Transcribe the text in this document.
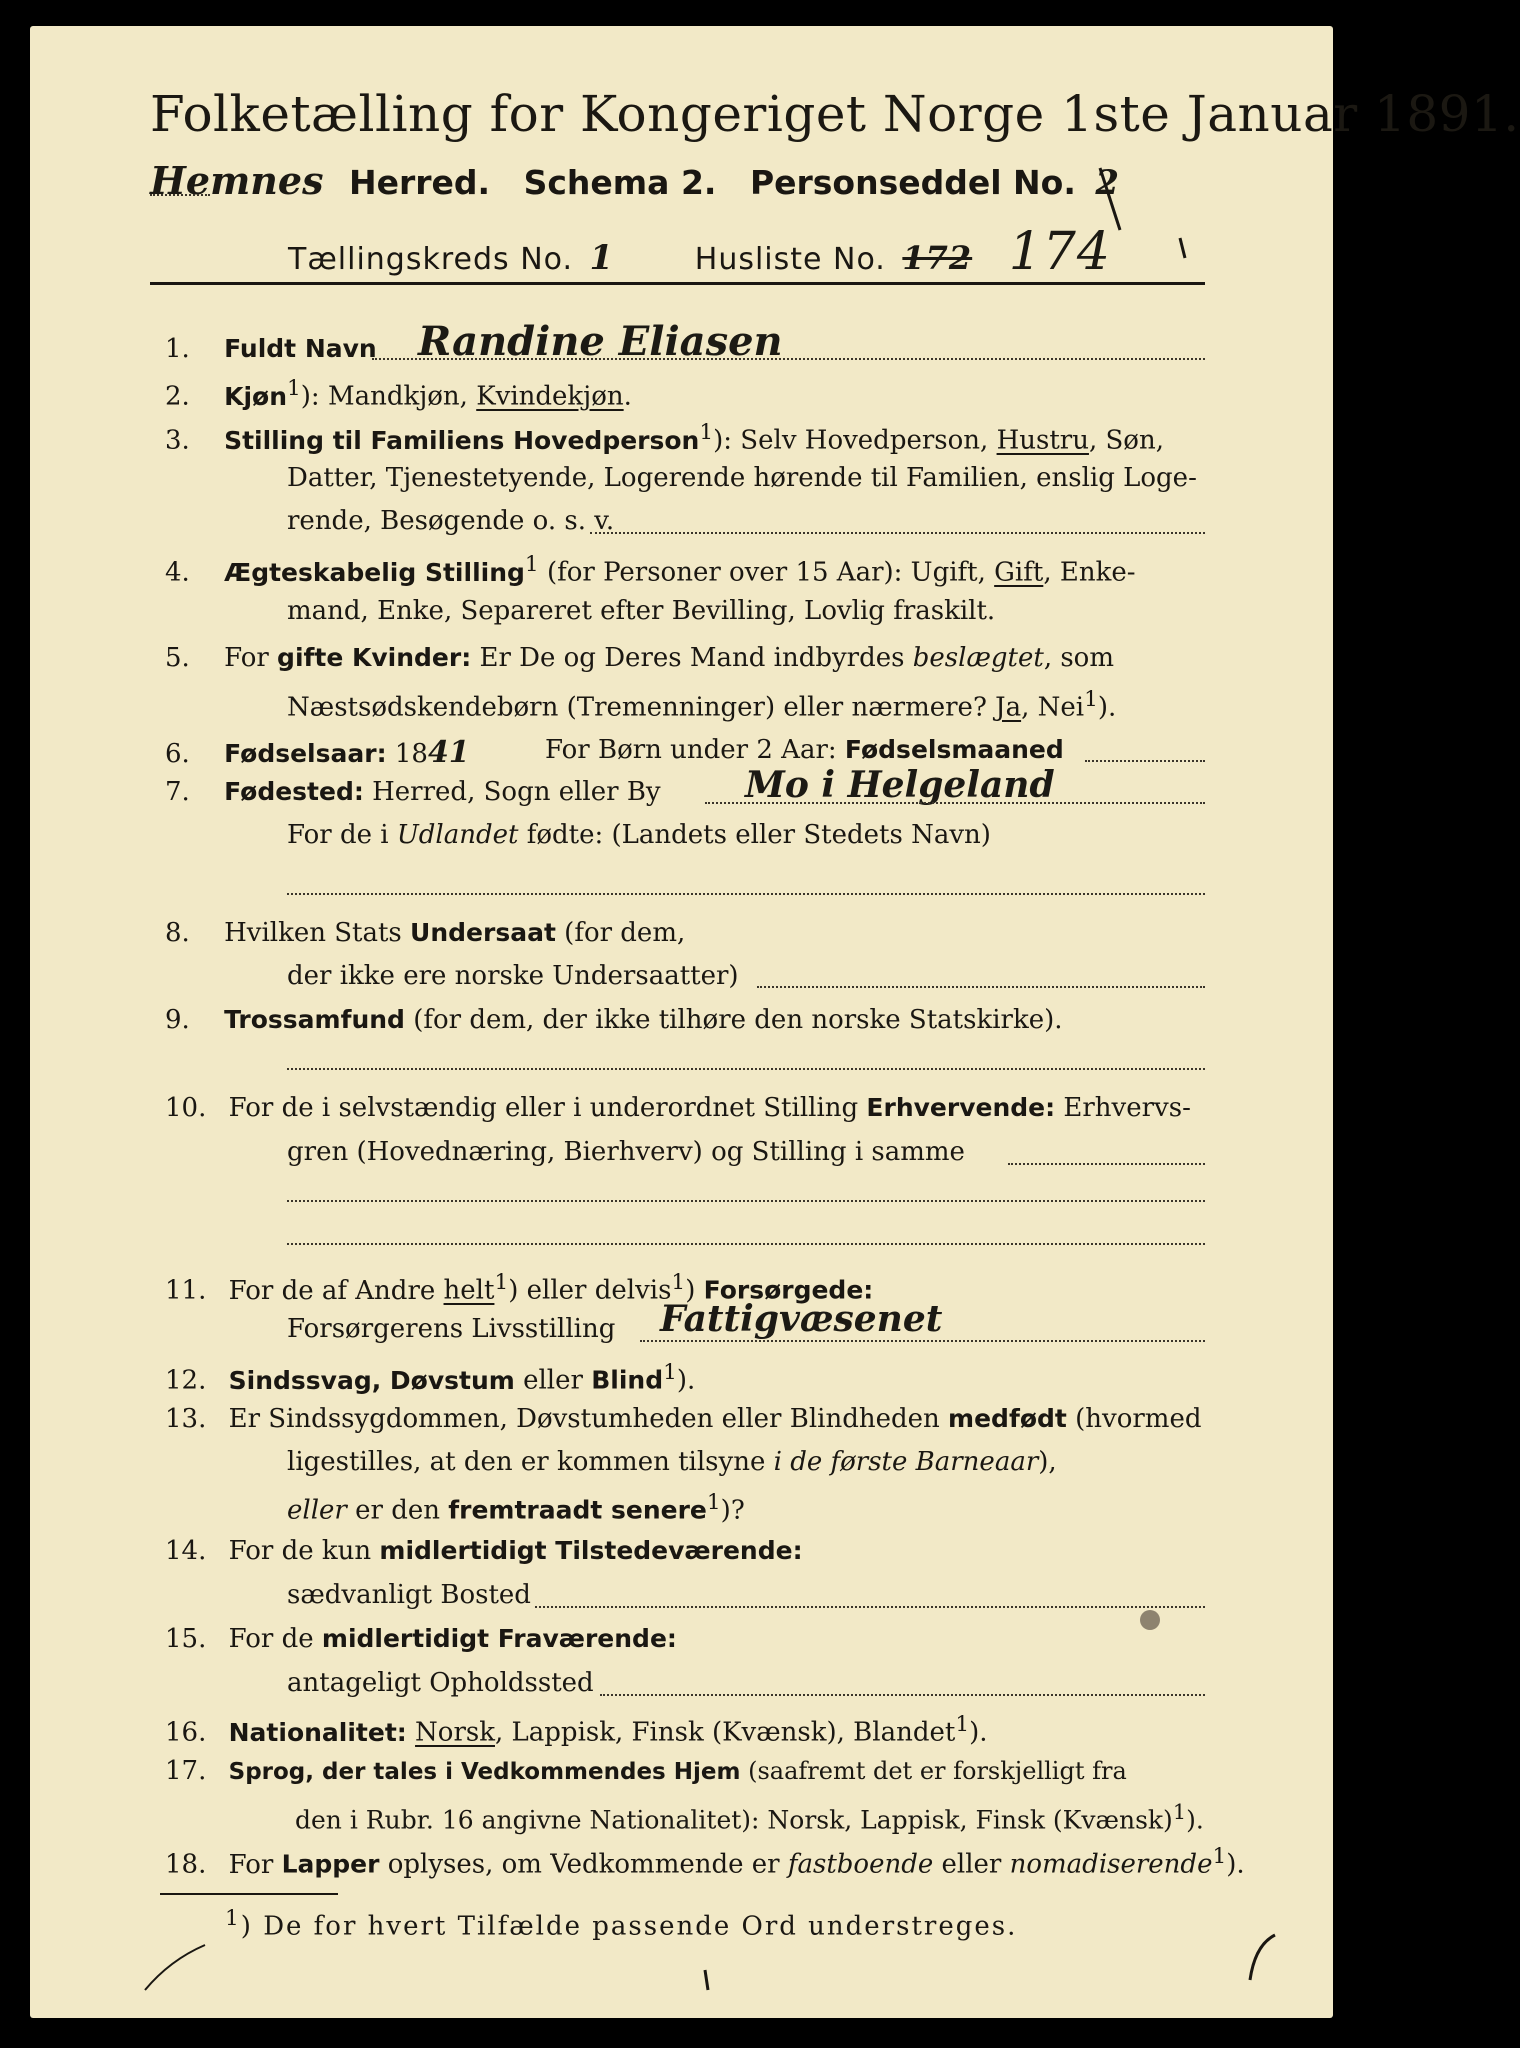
Folketælling for Kongeriget Norge 1ste Januar 1891.
Hemnes Herred. Schema 2. Personseddel No. 2
Tællingskreds No. 1	Husliste No. 172 174
1. Fuldt Navn Randine Eliasen
2. Kjøn$^1$): Mandkjøn, Kvindekjøn.
3. Stilling til Familiens Hovedperson$^1$): Selv Hovedperson, Hustru, Søn,
Datter, Tjenestetyende, Logerende hørende til Familien, enslig Loge-
rende, Besøgende o. s. v.
4. Ægteskabelig Stilling$^1$ (for Personer over 15 Aar): Ugift, Gift, Enke-
mand, Enke, Separeret efter Bevilling, Lovlig fraskilt.
5. For gifte Kvinder: Er De og Deres Mand indbyrdes beslægtet, som
Næstsødskendebørn (Tremenninger) eller nærmere? Ja, Nei$^1$).
6. Fødselsaar: 1841	For Børn under 2 Aar: Fødselsmaaned
7. Fødested: Herred, Sogn eller By Mo i Helgeland
For de i Udlandet fødte: (Landets eller Stedets Navn)
8. Hvilken Stats Undersaat (for dem,
der ikke ere norske Undersaatter)
9. Trossamfund (for dem, der ikke tilhøre den norske Statskirke).
10. For de i selvstændig eller i underordnet Stilling Erhvervende: Erhvervs-
gren (Hovednæring, Bierhverv) og Stilling i samme
11. For de af Andre helt$^1$) eller delvis$^1$) Forsørgede:
Forsørgerens Livsstilling Fattigvæsenet
12. Sindssvag, Døvstum eller Blind$^1$).
13. Er Sindssygdommen, Døvstumheden eller Blindheden medfødt (hvormed
ligestilles, at den er kommen tilsyne i de første Barneaar),
eller er den fremtraadt senere$^1$)?
14. For de kun midlertidigt Tilstedeværende:
sædvanligt Bosted
15. For de midlertidigt Fraværende:
antageligt Opholdssted
16. Nationalitet: Norsk, Lappisk, Finsk (Kvænsk), Blandet$^1$).
17. Sprog, der tales i Vedkommendes Hjem (saafremt det er forskjelligt fra
den i Rubr. 16 angivne Nationalitet): Norsk, Lappisk, Finsk (Kvænsk)$^1$).
18. For Lapper oplyses, om Vedkommende er fastboende eller nomadiserende$^1$).
$^1$) De for hvert Tilfælde passende Ord understreges.
